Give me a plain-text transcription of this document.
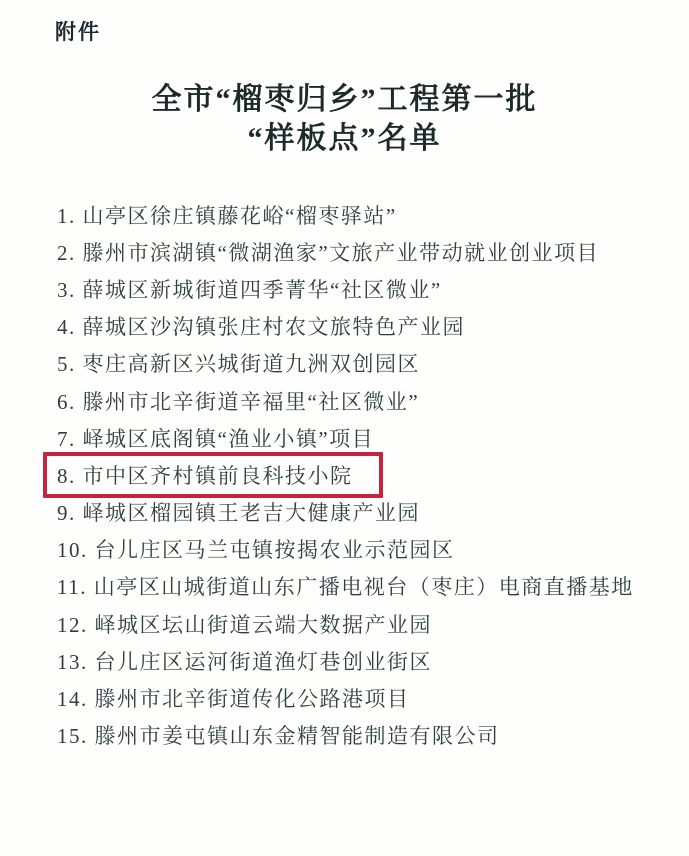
附件
全市“榴枣归乡”工程第一批
“样板点”名单
1. 山亭区徐庄镇藤花峪“榴枣驿站”
2. 滕州市滨湖镇“微湖渔家”文旅产业带动就业创业项目
3. 薛城区新城街道四季菁华“社区微业”
4. 薛城区沙沟镇张庄村农文旅特色产业园
5. 枣庄高新区兴城街道九洲双创园区
6. 滕州市北辛街道辛福里“社区微业”
7. 峄城区底阁镇“渔业小镇”项目
8. 市中区齐村镇前良科技小院
9. 峄城区榴园镇王老吉大健康产业园
10. 台儿庄区马兰屯镇按揭农业示范园区
11. 山亭区山城街道山东广播电视台（枣庄）电商直播基地
12. 峄城区坛山街道云端大数据产业园
13. 台儿庄区运河街道渔灯巷创业街区
14. 滕州市北辛街道传化公路港项目
15. 滕州市姜屯镇山东金精智能制造有限公司
